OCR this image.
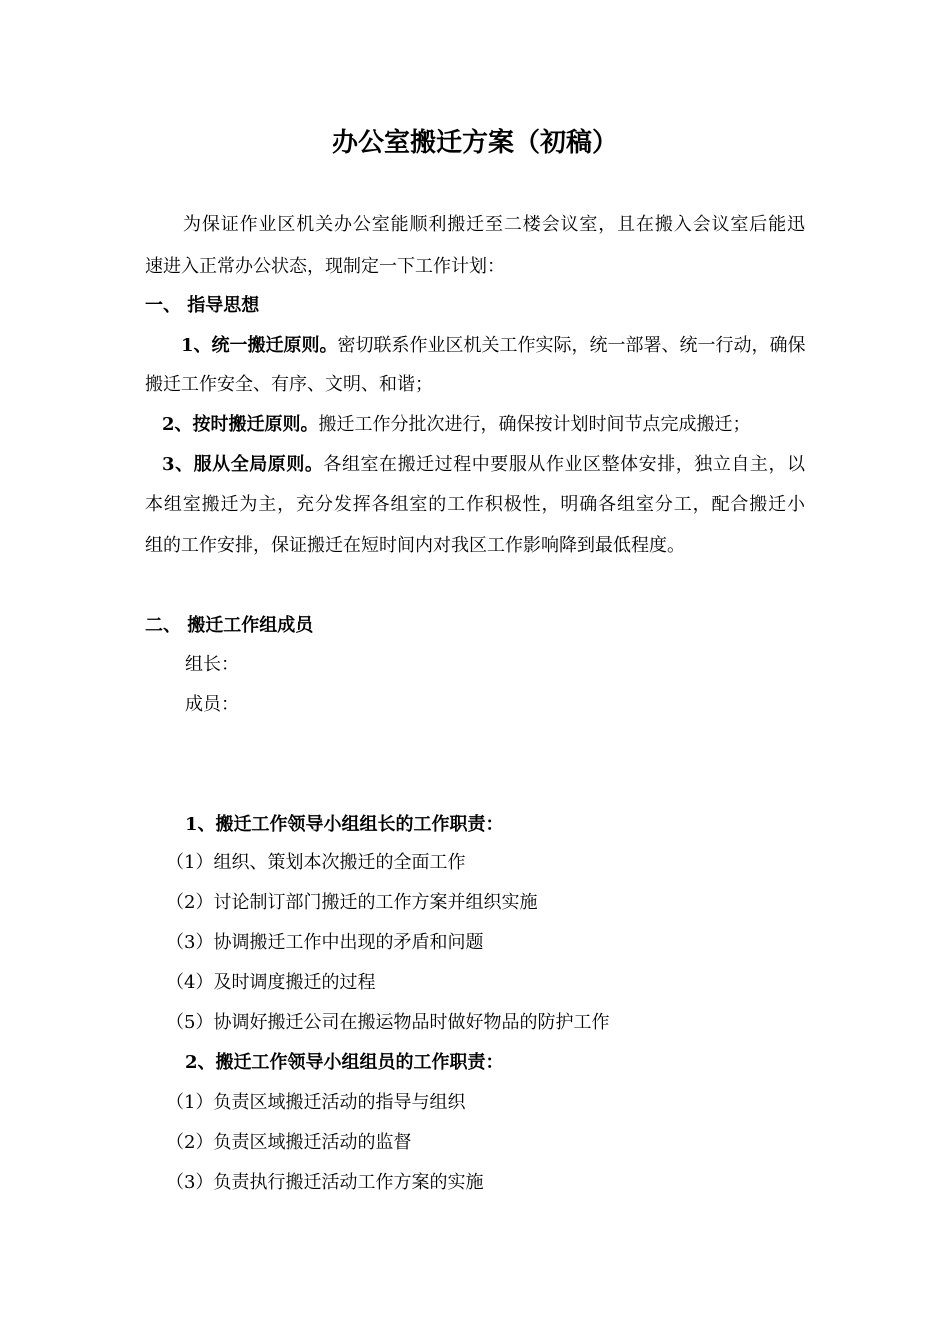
办公室搬迁方案（初稿）
为保证作业区机关办公室能顺利搬迁至二楼会议室，且在搬入会议室后能迅
速进入正常办公状态，现制定一下工作计划：
一、 指导思想
1、统一搬迁原则。密切联系作业区机关工作实际，统一部署、统一行动，确保
搬迁工作安全、有序、文明、和谐；
2、按时搬迁原则。搬迁工作分批次进行，确保按计划时间节点完成搬迁；
3、服从全局原则。各组室在搬迁过程中要服从作业区整体安排，独立自主，以
本组室搬迁为主，充分发挥各组室的工作积极性，明确各组室分工，配合搬迁小
组的工作安排，保证搬迁在短时间内对我区工作影响降到最低程度。
二、 搬迁工作组成员
组长：
成员：
1、搬迁工作领导小组组长的工作职责：
（1）组织、策划本次搬迁的全面工作
（2）讨论制订部门搬迁的工作方案并组织实施
（3）协调搬迁工作中出现的矛盾和问题
（4）及时调度搬迁的过程
（5）协调好搬迁公司在搬运物品时做好物品的防护工作
2、搬迁工作领导小组组员的工作职责：
（1）负责区域搬迁活动的指导与组织
（2）负责区域搬迁活动的监督
（3）负责执行搬迁活动工作方案的实施
